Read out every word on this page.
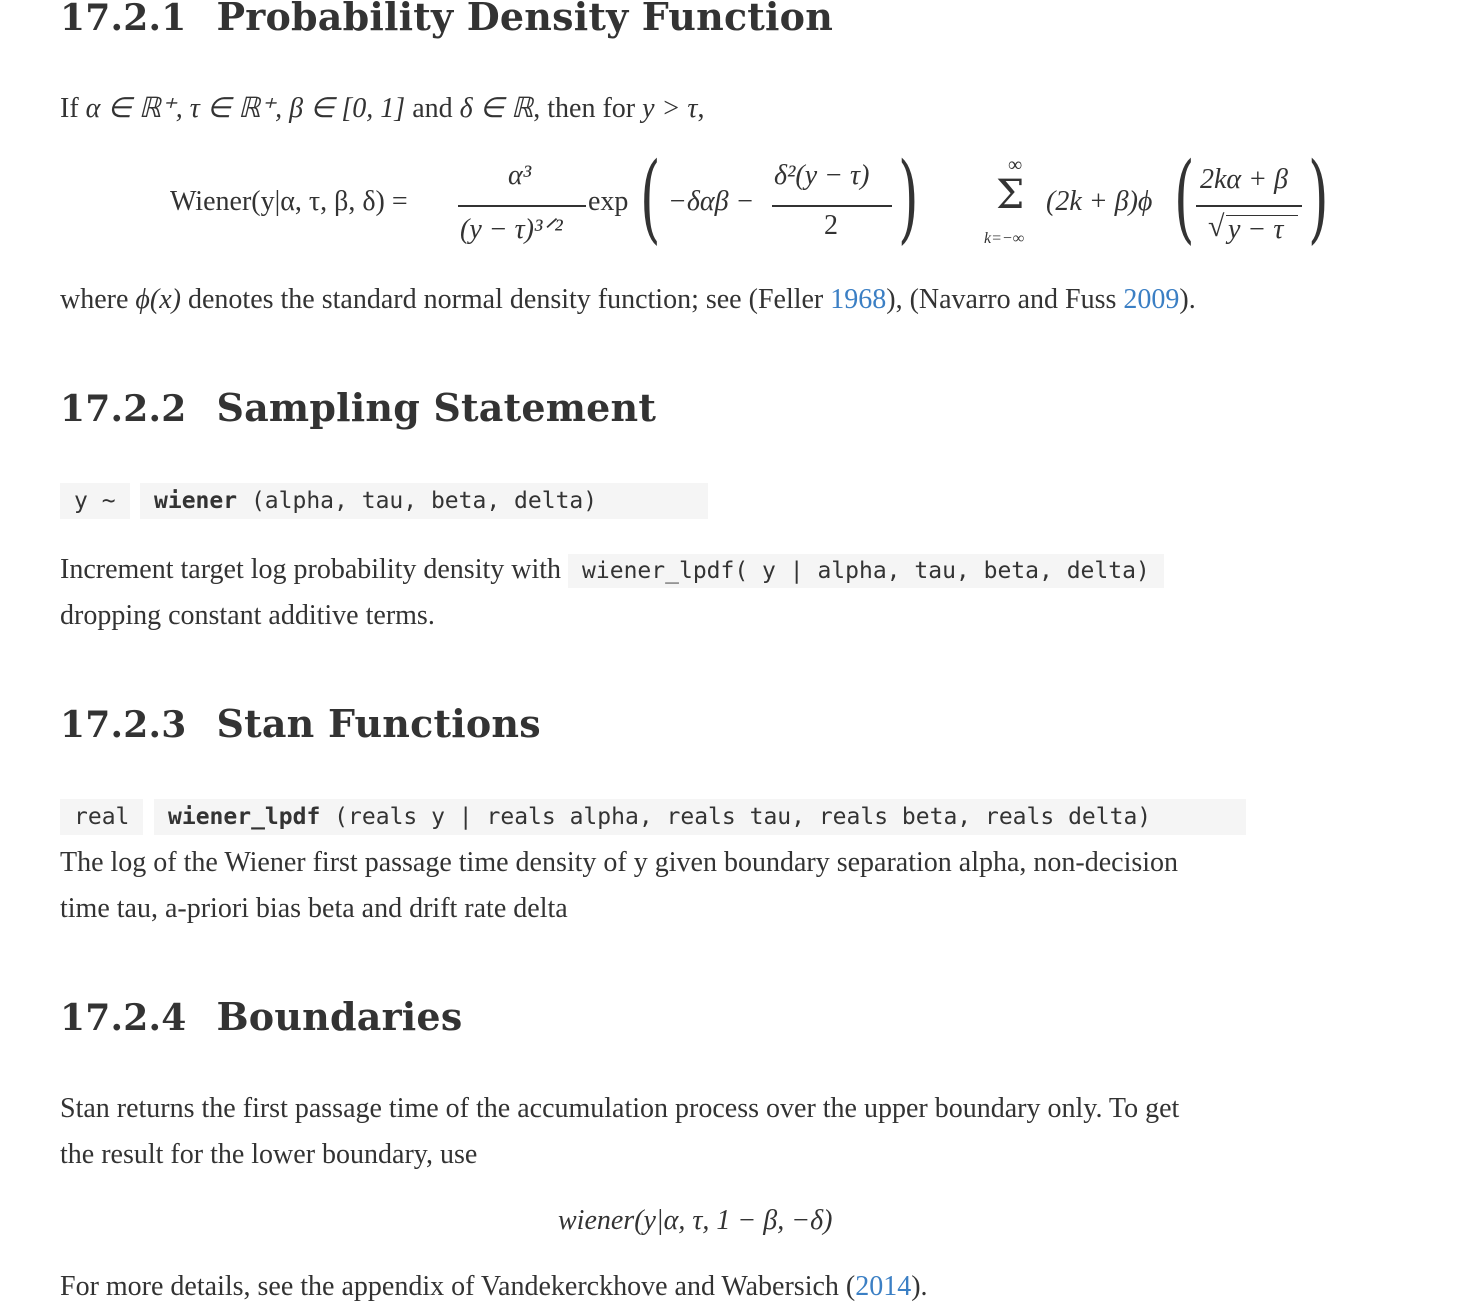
17.2.1 Probability Density Function

If α ∈ ℝ⁺, τ ∈ ℝ⁺, β ∈ [0, 1] and δ ∈ ℝ, then for y > τ,

Wiener(y|α, τ, β, δ) =
α³
(y − τ)³ᐟ²
exp ( −δαβ −
δ²(y − τ)
2 )	∞
Σ
k=−∞
(2k + β)ϕ ( 2kα + β
√ y − τ )

where ϕ(x) denotes the standard normal density function; see (Feller 1968), (Navarro and Fuss 2009).

17.2.2 Sampling Statement
y ~	wiener (alpha, tau, beta, delta)

Increment target log probability density with wiener_lpdf( y | alpha, tau, beta, delta)

dropping constant additive terms.

17.2.3 Stan Functions
real	wiener_lpdf (reals y | reals alpha, reals tau, reals beta, reals delta)

The log of the Wiener first passage time density of y given boundary separation alpha, non-decision

time tau, a-priori bias beta and drift rate delta

17.2.4 Boundaries

Stan returns the first passage time of the accumulation process over the upper boundary only. To get

the result for the lower boundary, use

wiener(y|α, τ, 1 − β, −δ)

For more details, see the appendix of Vandekerckhove and Wabersich (2014).
